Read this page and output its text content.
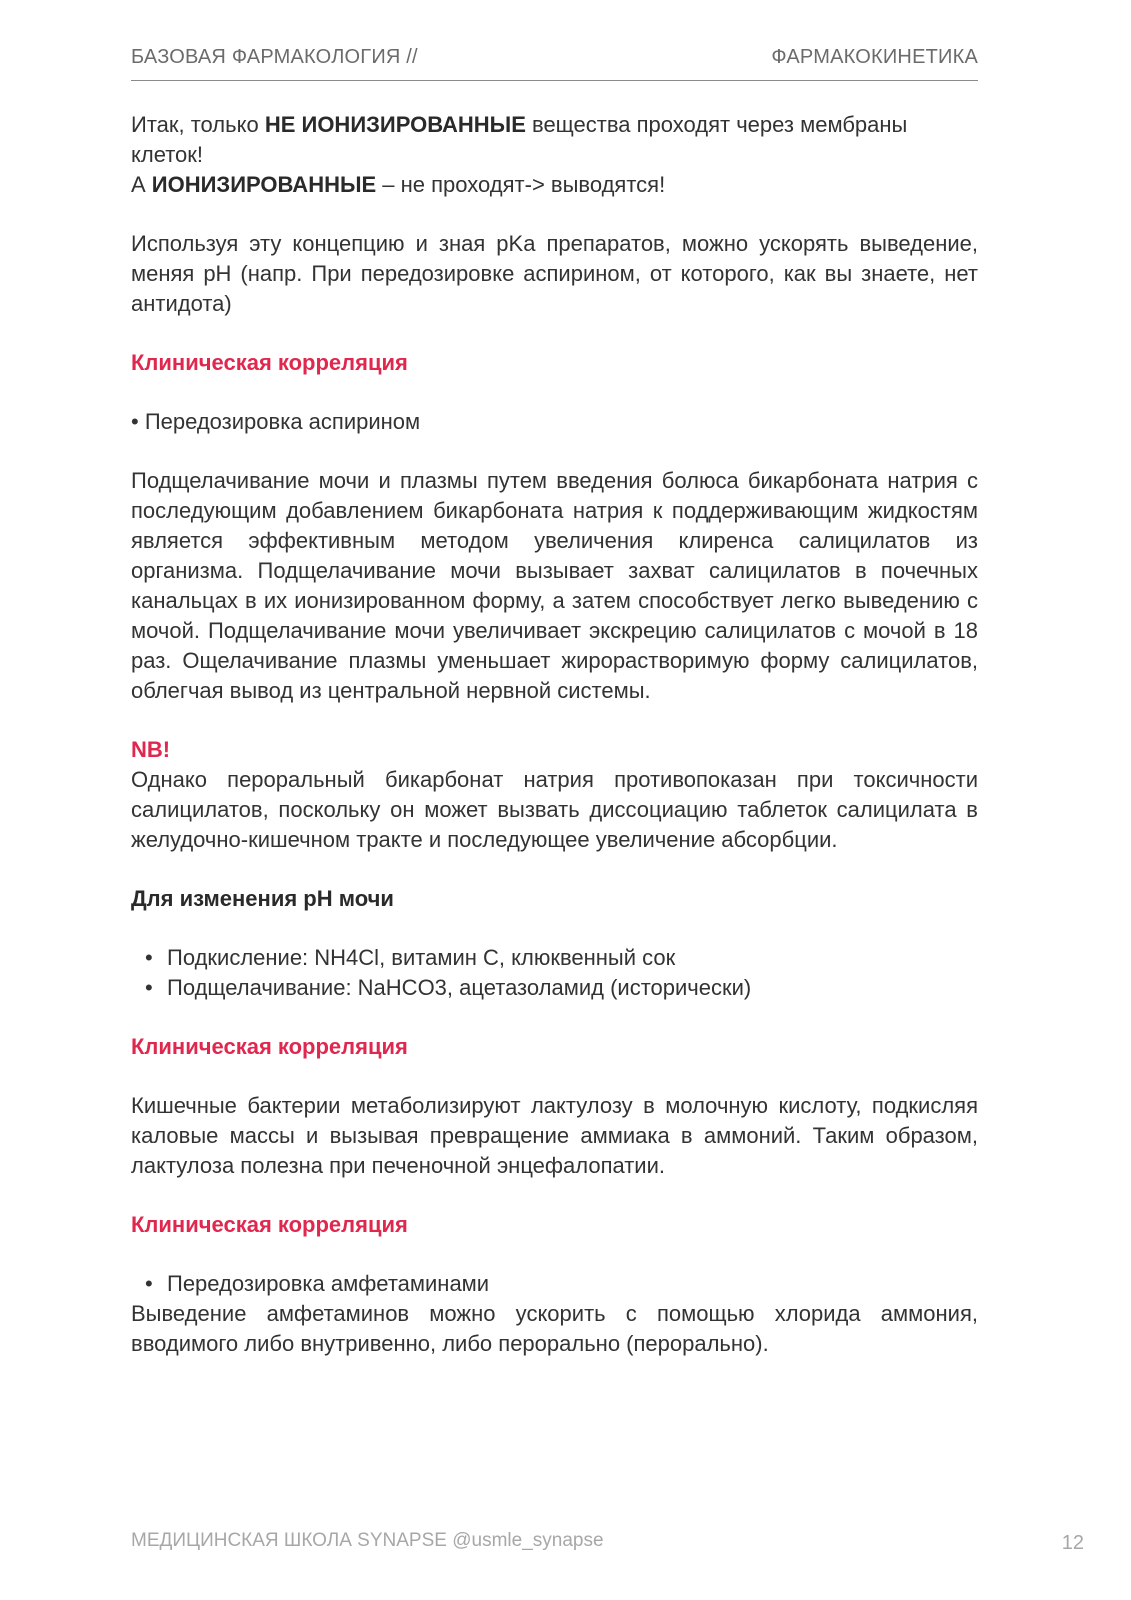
БАЗОВАЯ ФАРМАКОЛОГИЯ //	ФАРМАКОКИНЕТИКА

Итак, только НЕ ИОНИЗИРОВАННЫЕ вещества проходят через мембраны клеток!

А ИОНИЗИРОВАННЫЕ – не проходят-> выводятся!

Используя эту концепцию и зная pKa препаратов, можно ускорять выведение, меняя pH (напр. При передозировке аспирином, от которого, как вы знаете, нет антидота)

Клиническая корреляция

• Передозировка аспирином

Подщелачивание мочи и плазмы путем введения болюса бикарбоната натрия с последующим добавлением бикарбоната натрия к поддерживающим жидкостям является эффективным методом увеличения клиренса салицилатов из организма. Подщелачивание мочи вызывает захват салицилатов в почечных канальцах в их ионизированном форму, а затем способствует легко выведению с мочой. Подщелачивание мочи увеличивает экскрецию салицилатов с мочой в 18 раз. Ощелачивание плазмы уменьшает жирорастворимую форму салицилатов, облегчая вывод из центральной нервной системы.

NB!

Однако пероральный бикарбонат натрия противопоказан при токсичности салицилатов, поскольку он может вызвать диссоциацию таблеток салицилата в желудочно-кишечном тракте и последующее увеличение абсорбции.

Для изменения pH мочи

• Подкисление: NH4Cl, витамин С, клюквенный сок
• Подщелачивание: NaHCO3, ацетазоламид (исторически)

Клиническая корреляция

Кишечные бактерии метаболизируют лактулозу в молочную кислоту, подкисляя каловые массы и вызывая превращение аммиака в аммоний. Таким образом, лактулоза полезна при печеночной энцефалопатии.

Клиническая корреляция

• Передозировка амфетаминами

Выведение амфетаминов можно ускорить с помощью хлорида аммония, вводимого либо внутривенно, либо перорально (перорально).

МЕДИЦИНСКАЯ ШКОЛА SYNAPSE @usmle_synapse	12
